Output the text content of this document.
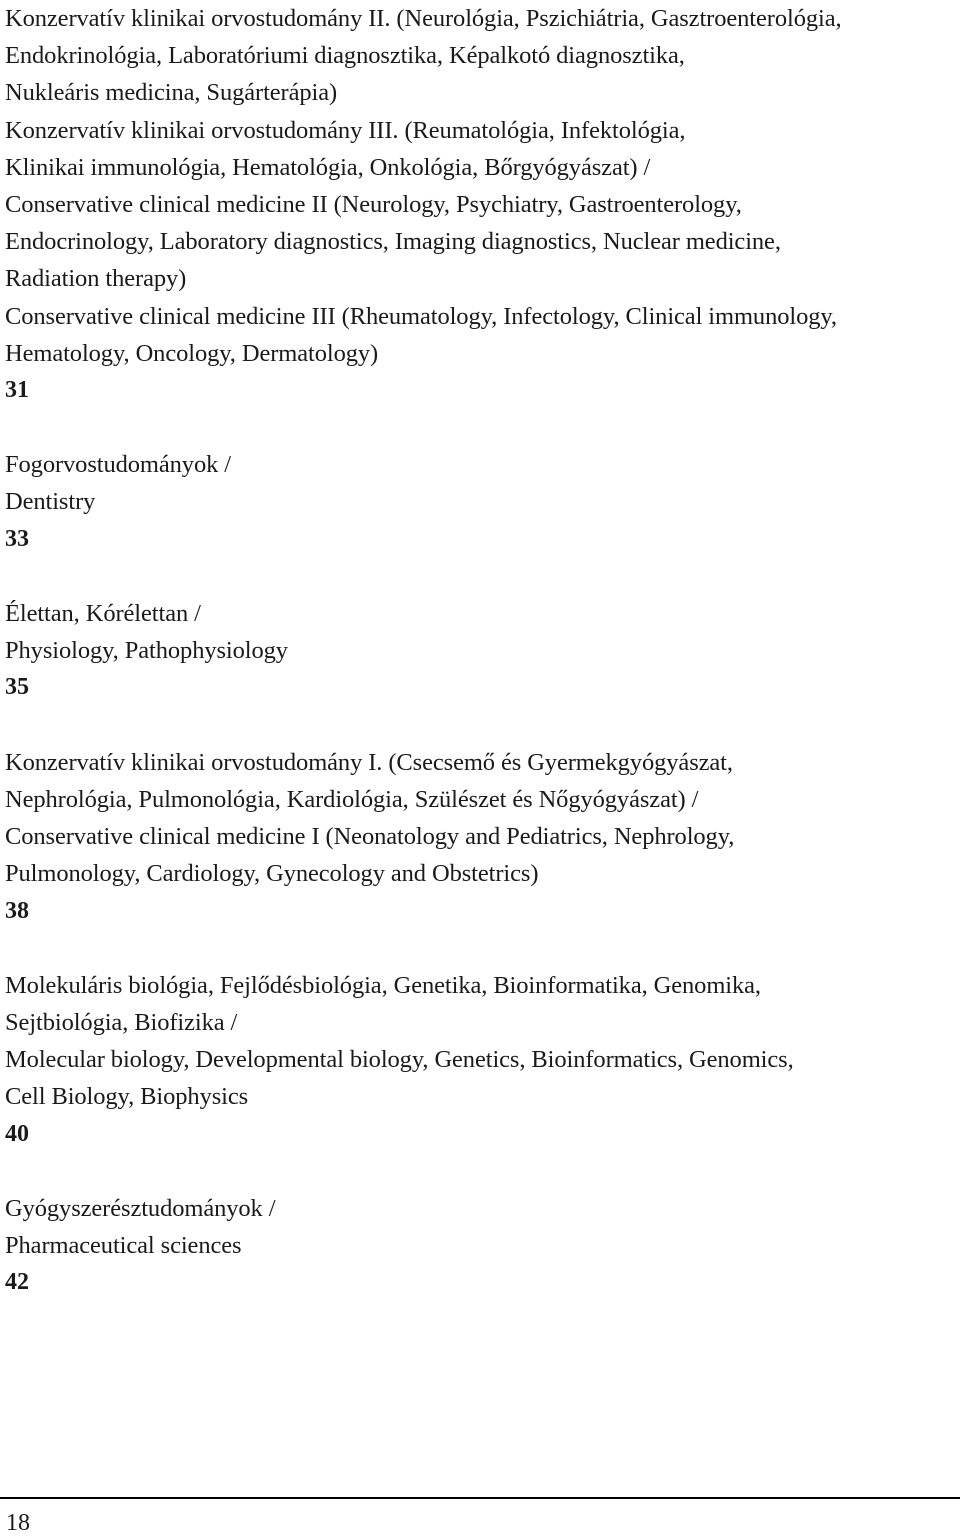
Konzervatív klinikai orvostudomány II. (Neurológia, Pszichiátria, Gasztroenterológia,
Endokrinológia, Laboratóriumi diagnosztika, Képalkotó diagnosztika,
Nukleáris medicina, Sugárterápia)
Konzervatív klinikai orvostudomány III. (Reumatológia, Infektológia,
Klinikai immunológia, Hematológia, Onkológia, Bőrgyógyászat) /
Conservative clinical medicine II (Neurology, Psychiatry, Gastroenterology,
Endocrinology, Laboratory diagnostics, Imaging diagnostics, Nuclear medicine,
Radiation therapy)
Conservative clinical medicine III (Rheumatology, Infectology, Clinical immunology,
Hematology, Oncology, Dermatology)
31
Fogorvostudományok /
Dentistry
33
Élettan, Kórélettan /
Physiology, Pathophysiology
35
Konzervatív klinikai orvostudomány I. (Csecsemő és Gyermekgyógyászat,
Nephrológia, Pulmonológia, Kardiológia, Szülészet és Nőgyógyászat) /
Conservative clinical medicine I (Neonatology and Pediatrics, Nephrology,
Pulmonology, Cardiology, Gynecology and Obstetrics)
38
Molekuláris biológia, Fejlődésbiológia, Genetika, Bioinformatika, Genomika,
Sejtbiológia, Biofizika /
Molecular biology, Developmental biology, Genetics, Bioinformatics, Genomics,
Cell Biology, Biophysics
40
Gyógyszerésztudományok /
Pharmaceutical sciences
42
18
